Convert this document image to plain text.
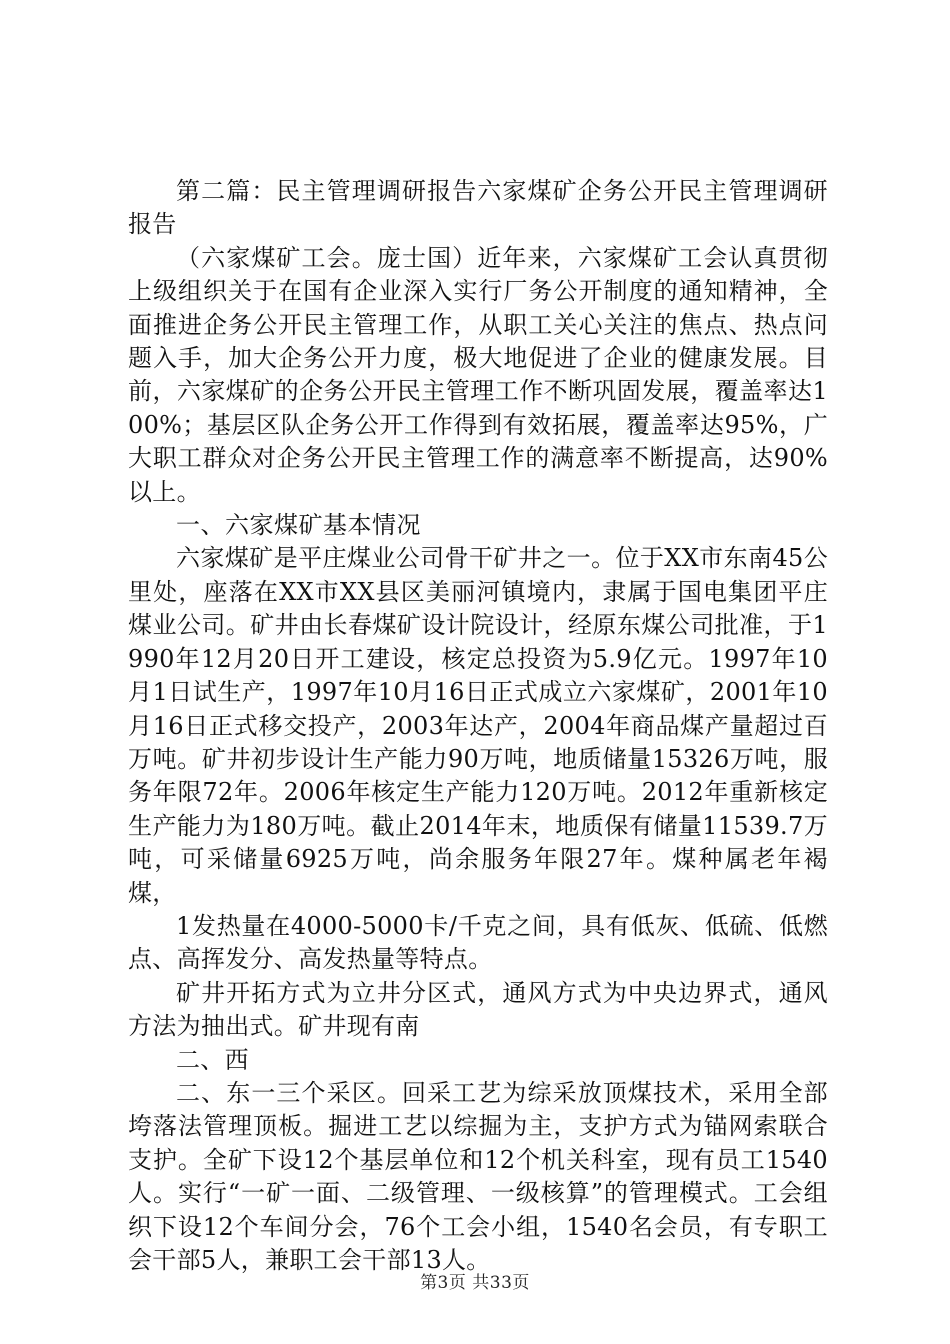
第二篇：民主管理调研报告六家煤矿企务公开民主管理调研报告

（六家煤矿工会。庞士国）近年来，六家煤矿工会认真贯彻上级组织关于在国有企业深入实行厂务公开制度的通知精神，全面推进企务公开民主管理工作，从职工关心关注的焦点、热点问题入手，加大企务公开力度，极大地促进了企业的健康发展。目前，六家煤矿的企务公开民主管理工作不断巩固发展，覆盖率达100%；基层区队企务公开工作得到有效拓展，覆盖率达95%，广大职工群众对企务公开民主管理工作的满意率不断提高，达90%以上。

一、六家煤矿基本情况

六家煤矿是平庄煤业公司骨干矿井之一。位于XX市东南45公里处，座落在XX市XX县区美丽河镇境内，隶属于国电集团平庄煤业公司。矿井由长春煤矿设计院设计，经原东煤公司批准，于1990年12月20日开工建设，核定总投资为5.9亿元。1997年10月1日试生产，1997年10月16日正式成立六家煤矿，2001年10月16日正式移交投产，2003年达产，2004年商品煤产量超过百万吨。矿井初步设计生产能力90万吨，地质储量15326万吨，服务年限72年。2006年核定生产能力120万吨。2012年重新核定生产能力为180万吨。截止2014年末，地质保有储量11539.7万吨，可采储量6925万吨，尚余服务年限27年。煤种属老年褐煤，

1发热量在4000-5000卡/千克之间，具有低灰、低硫、低燃点、高挥发分、高发热量等特点。

矿井开拓方式为立井分区式，通风方式为中央边界式，通风方法为抽出式。矿井现有南

二、西

二、东一三个采区。回采工艺为综采放顶煤技术，采用全部垮落法管理顶板。掘进工艺以综掘为主，支护方式为锚网索联合支护。全矿下设12个基层单位和12个机关科室，现有员工1540人。实行“一矿一面、二级管理、一级核算”的管理模式。工会组织下设12个车间分会，76个工会小组，1540名会员，有专职工会干部5人，兼职工会干部13人。

第3页 共33页
